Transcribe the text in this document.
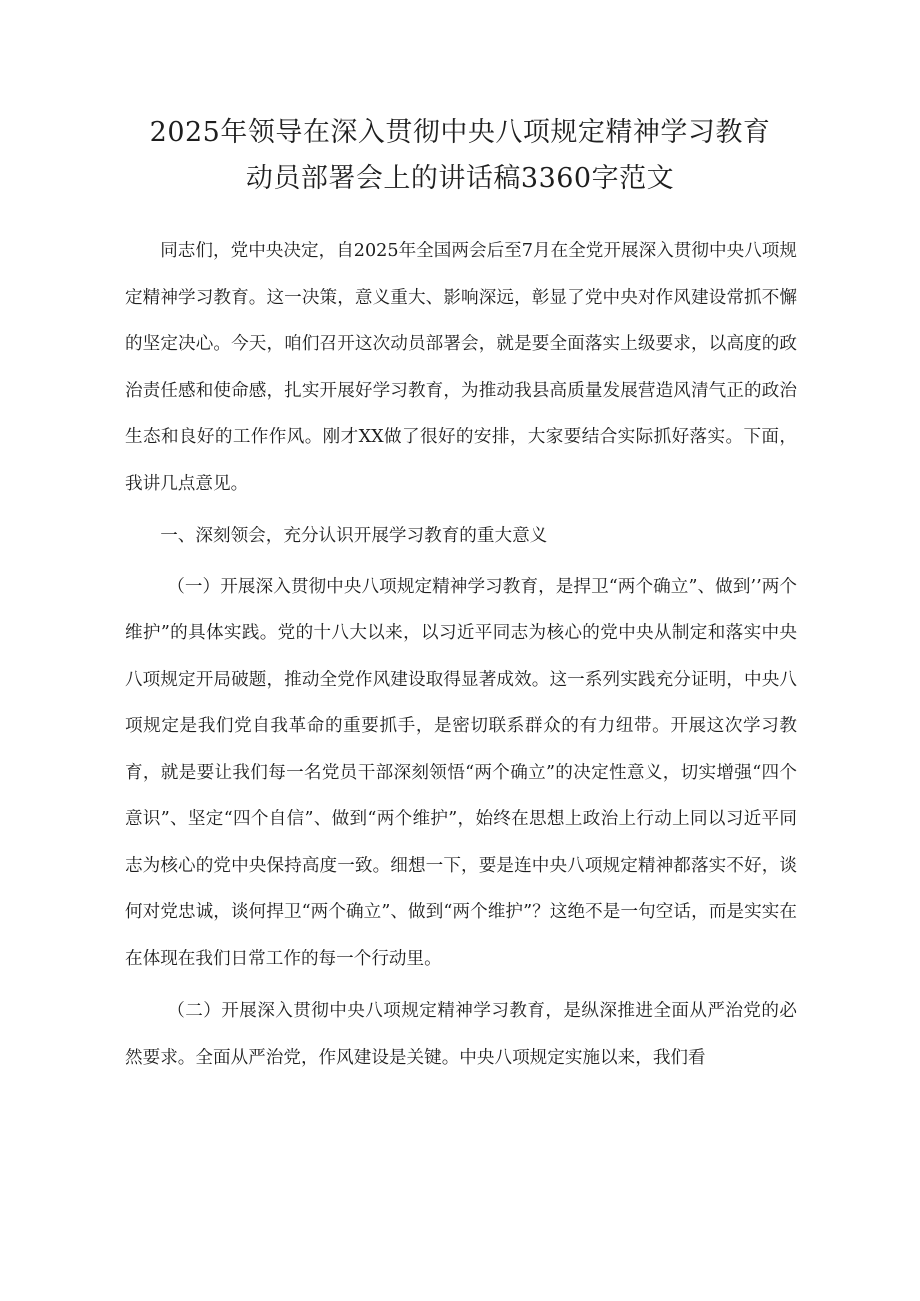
2025年领导在深入贯彻中央八项规定精神学习教育
动员部署会上的讲话稿3360字范文

同志们，党中央决定，自2025年全国两会后至7月在全党开展深入贯彻中央八项规定精神学习教育。这一决策，意义重大、影响深远，彰显了党中央对作风建设常抓不懈的坚定决心。今天，咱们召开这次动员部署会，就是要全面落实上级要求，以高度的政治责任感和使命感，扎实开展好学习教育，为推动我县高质量发展营造风清气正的政治生态和良好的工作作风。刚才XX做了很好的安排，大家要结合实际抓好落实。下面，我讲几点意见。

一、深刻领会，充分认识开展学习教育的重大意义

（一）开展深入贯彻中央八项规定精神学习教育，是捍卫“两个确立”、做到’’两个维护”的具体实践。党的十八大以来，以习近平同志为核心的党中央从制定和落实中央八项规定开局破题，推动全党作风建设取得显著成效。这一系列实践充分证明，中央八项规定是我们党自我革命的重要抓手，是密切联系群众的有力纽带。开展这次学习教育，就是要让我们每一名党员干部深刻领悟“两个确立”的决定性意义，切实增强“四个意识”、坚定“四个自信”、做到“两个维护”，始终在思想上政治上行动上同以习近平同志为核心的党中央保持高度一致。细想一下，要是连中央八项规定精神都落实不好，谈何对党忠诚，谈何捍卫“两个确立”、做到“两个维护”？这绝不是一句空话，而是实实在在体现在我们日常工作的每一个行动里。

（二）开展深入贯彻中央八项规定精神学习教育，是纵深推进全面从严治党的必然要求。全面从严治党，作风建设是关键。中央八项规定实施以来，我们看
